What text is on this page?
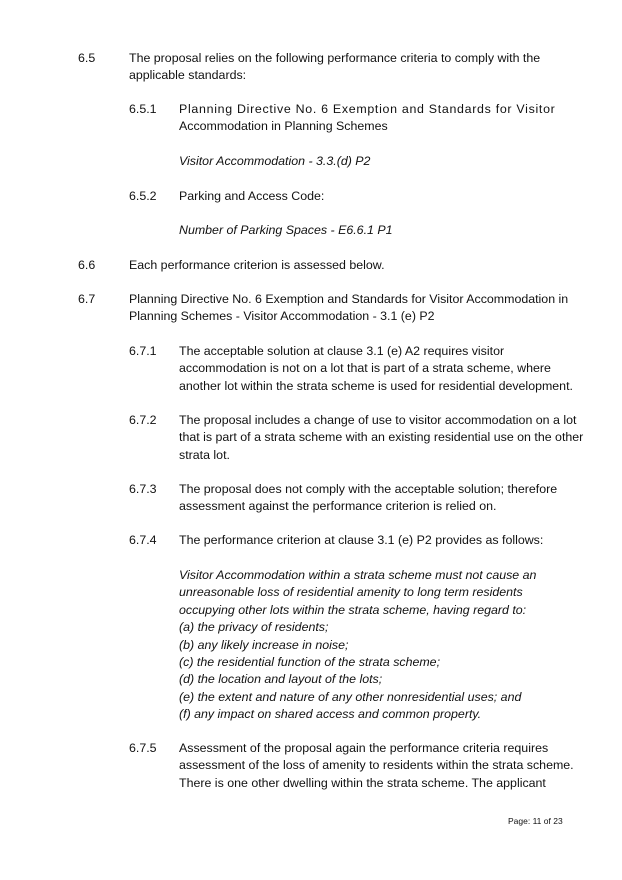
6.5	The proposal relies on the following performance criteria to comply with the
applicable standards:
6.5.1 Planning Directive No. 6 Exemption and Standards for Visitor
Accommodation in Planning Schemes
Visitor Accommodation - 3.3.(d) P2
6.5.2 Parking and Access Code:
Number of Parking Spaces - E6.6.1 P1
6.6	Each performance criterion is assessed below.
6.7	Planning Directive No. 6 Exemption and Standards for Visitor Accommodation in
Planning Schemes - Visitor Accommodation - 3.1 (e) P2
6.7.1 The acceptable solution at clause 3.1 (e) A2 requires visitor
accommodation is not on a lot that is part of a strata scheme, where
another lot within the strata scheme is used for residential development.
6.7.2 The proposal includes a change of use to visitor accommodation on a lot
that is part of a strata scheme with an existing residential use on the other
strata lot.
6.7.3 The proposal does not comply with the acceptable solution; therefore
assessment against the performance criterion is relied on.
6.7.4 The performance criterion at clause 3.1 (e) P2 provides as follows:
Visitor Accommodation within a strata scheme must not cause an
unreasonable loss of residential amenity to long term residents
occupying other lots within the strata scheme, having regard to:
(a) the privacy of residents;
(b) any likely increase in noise;
(c) the residential function of the strata scheme;
(d) the location and layout of the lots;
(e) the extent and nature of any other nonresidential uses; and
(f) any impact on shared access and common property.
6.7.5 Assessment of the proposal again the performance criteria requires
assessment of the loss of amenity to residents within the strata scheme.
There is one other dwelling within the strata scheme. The applicant
Page: 11 of 23
